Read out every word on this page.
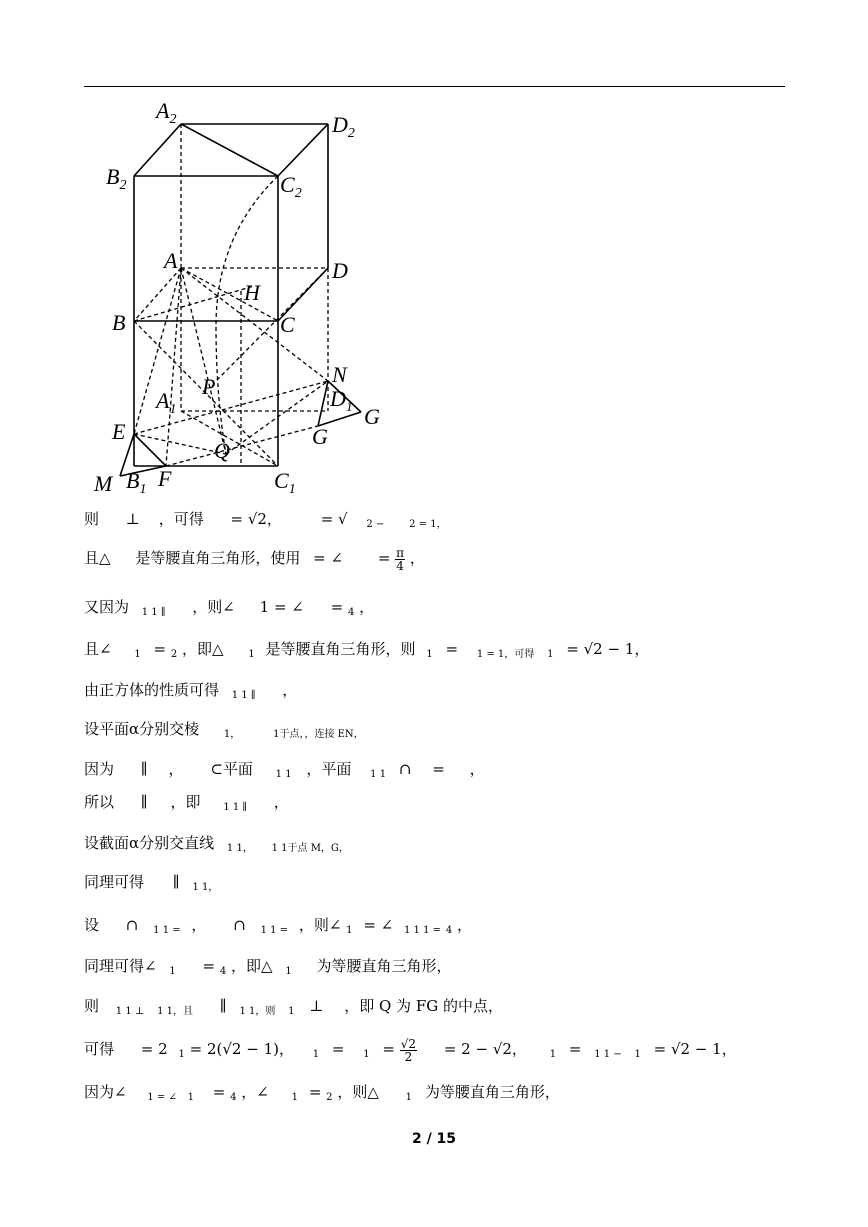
$A_2$
$B_2$	$C_2$
$D_2$
A
B	C
D
H
P	N
$A_1$	$D_1$ G
G
E
Q
M $B_1$ F	$C_1$
则 ⊥ ，可得 = √2，	= √ 2 − 2 = 1，
且△ 是等腰直角三角形，使用 = ∠ = $\frac{\pi}{4}$ ，
又因为 1 1 ∥ ，则∠ 1 = ∠ = 4 ，
且∠ 1 = 2 ，即△ 1 是等腰直角三角形，则 1 = 1 = 1，可得 1 = √2 − 1，
由正方体的性质可得 1 1 ∥ ，
设平面α分别交棱 1，	1于点，，连接 EN，
因为 ∥ ， ⊂平面 1 1 ，平面 1 1 ∩ = ，
所以 ∥ ，即 1 1 ∥ ，
设截面α分别交直线 1 1， 1 1于点 M，G，
同理可得 ∥ 1 1，
设 ∩ 1 1 = ， ∩ 1 1 = ，则∠ 1 = ∠ 1 1 1 = 4 ，
同理可得∠ 1 = 4 ，即△ 1 为等腰直角三角形，
则 1 1 ⊥ 1 1，且 ∥ 1 1，则 1 ⊥ ，即 Q 为 FG 的中点，
可得 = 2 1 = 2(√2 − 1)， $1 = 1 = \frac{√2}{2} = 2 - √2$， 1 = 1 1 − 1 = √2 − 1，
因为∠ 1 = ∠ 1 = 4 ，∠ 1 = 2 ，则△	1 为等腰直角三角形，
2 / 15
